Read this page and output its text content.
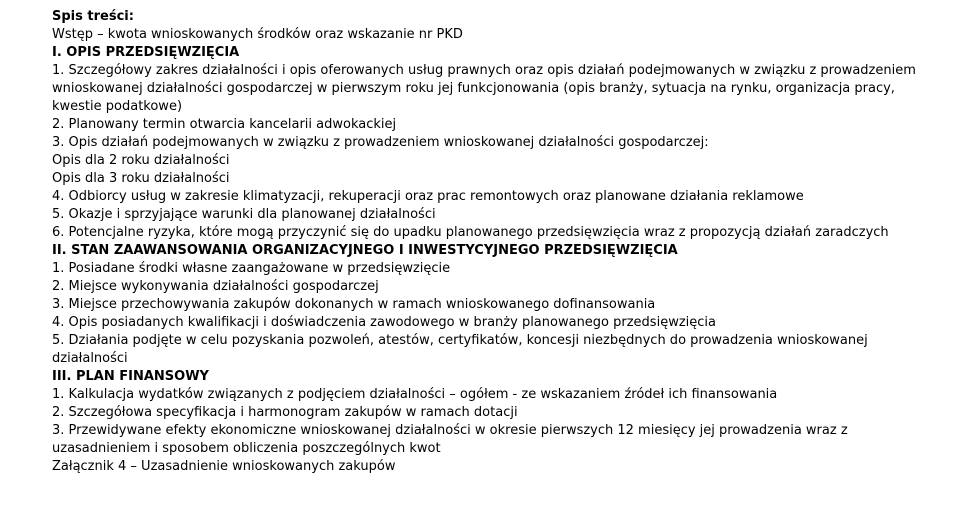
Spis treści:
Wstęp – kwota wnioskowanych środków oraz wskazanie nr PKD
I. OPIS PRZEDSIĘWZIĘCIA
1. Szczegółowy zakres działalności i opis oferowanych usług prawnych oraz opis działań podejmowanych w związku z prowadzeniem wnioskowanej działalności gospodarczej w pierwszym roku jej funkcjonowania (opis branży, sytuacja na rynku, organizacja pracy, kwestie podatkowe)
2. Planowany termin otwarcia kancelarii adwokackiej
3. Opis działań podejmowanych w związku z prowadzeniem wnioskowanej działalności gospodarczej:
Opis dla 2 roku działalności
Opis dla 3 roku działalności
4. Odbiorcy usług w zakresie klimatyzacji, rekuperacji oraz prac remontowych oraz planowane działania reklamowe
5. Okazje i sprzyjające warunki dla planowanej działalności
6. Potencjalne ryzyka, które mogą przyczynić się do upadku planowanego przedsięwzięcia wraz z propozycją działań zaradczych
II. STAN ZAAWANSOWANIA ORGANIZACYJNEGO I INWESTYCYJNEGO PRZEDSIĘWZIĘCIA
1. Posiadane środki własne zaangażowane w przedsięwzięcie
2. Miejsce wykonywania działalności gospodarczej
3. Miejsce przechowywania zakupów dokonanych w ramach wnioskowanego dofinansowania
4. Opis posiadanych kwalifikacji i doświadczenia zawodowego w branży planowanego przedsięwzięcia
5. Działania podjęte w celu pozyskania pozwoleń, atestów, certyfikatów, koncesji niezbędnych do prowadzenia wnioskowanej działalności
III. PLAN FINANSOWY
1. Kalkulacja wydatków związanych z podjęciem działalności – ogółem - ze wskazaniem źródeł ich finansowania
2. Szczegółowa specyfikacja i harmonogram zakupów w ramach dotacji
3. Przewidywane efekty ekonomiczne wnioskowanej działalności w okresie pierwszych 12 miesięcy jej prowadzenia wraz z uzasadnieniem i sposobem obliczenia poszczególnych kwot
Załącznik 4 – Uzasadnienie wnioskowanych zakupów
